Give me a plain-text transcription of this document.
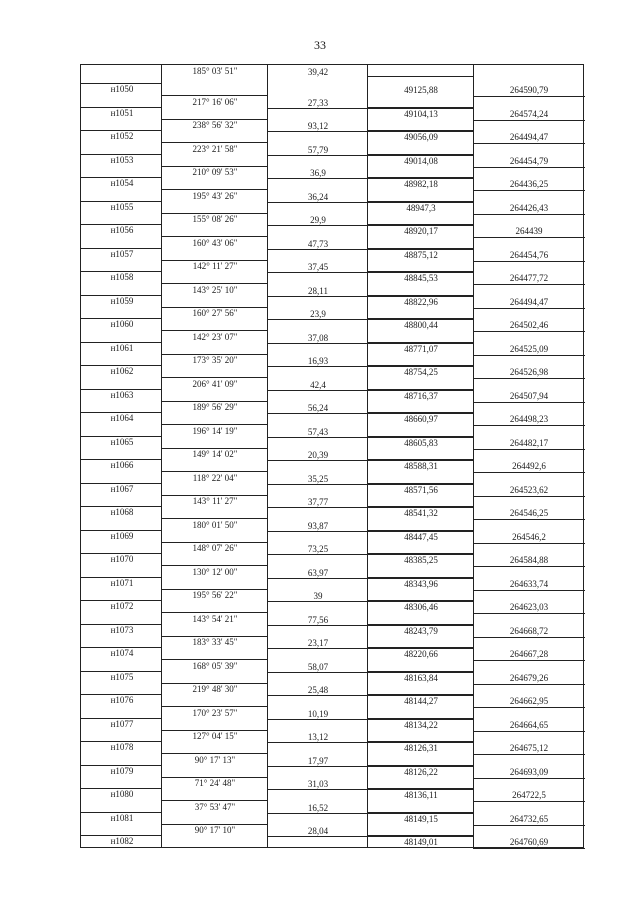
33
185° 03' 51"	39,42
н1050	49125,88	264590,79
217° 16' 06"	27,33
н1051	49104,13	264574,24
238° 56' 32"	93,12
н1052	49056,09	264494,47
223° 21' 58"	57,79
н1053	49014,08	264454,79
210° 09' 53"	36,9
н1054	48982,18	264436,25
195° 43' 26"	36,24
н1055	48947,3	264426,43
155° 08' 26"	29,9
н1056	48920,17	264439
160° 43' 06"	47,73
н1057	48875,12	264454,76
142° 11' 27"	37,45
н1058	48845,53	264477,72
143° 25' 10"	28,11
н1059	48822,96	264494,47
160° 27' 56"	23,9
н1060	48800,44	264502,46
142° 23' 07"	37,08
н1061	48771,07	264525,09
173° 35' 20"	16,93
н1062	48754,25	264526,98
206° 41' 09"	42,4
н1063	48716,37	264507,94
189° 56' 29"	56,24
н1064	48660,97	264498,23
196° 14' 19"	57,43
н1065	48605,83	264482,17
149° 14' 02"	20,39
н1066	48588,31	264492,6
118° 22' 04"	35,25
н1067	48571,56	264523,62
143° 11' 27"	37,77
н1068	48541,32	264546,25
180° 01' 50"	93,87
н1069	48447,45	264546,2
148° 07' 26"	73,25
н1070	48385,25	264584,88
130° 12' 00"	63,97
н1071	48343,96	264633,74
195° 56' 22"	39
н1072	48306,46	264623,03
143° 54' 21"	77,56
н1073	48243,79	264668,72
183° 33' 45"	23,17
н1074	48220,66	264667,28
168° 05' 39"	58,07
н1075	48163,84	264679,26
219° 48' 30"	25,48
н1076	48144,27	264662,95
170° 23' 57"	10,19
н1077	48134,22	264664,65
127° 04' 15"	13,12
н1078	48126,31	264675,12
90° 17' 13"	17,97
н1079	48126,22	264693,09
71° 24' 48"	31,03
н1080	48136,11	264722,5
37° 53' 47"	16,52
н1081	48149,15	264732,65
90° 17' 10"	28,04
н1082	48149,01	264760,69
